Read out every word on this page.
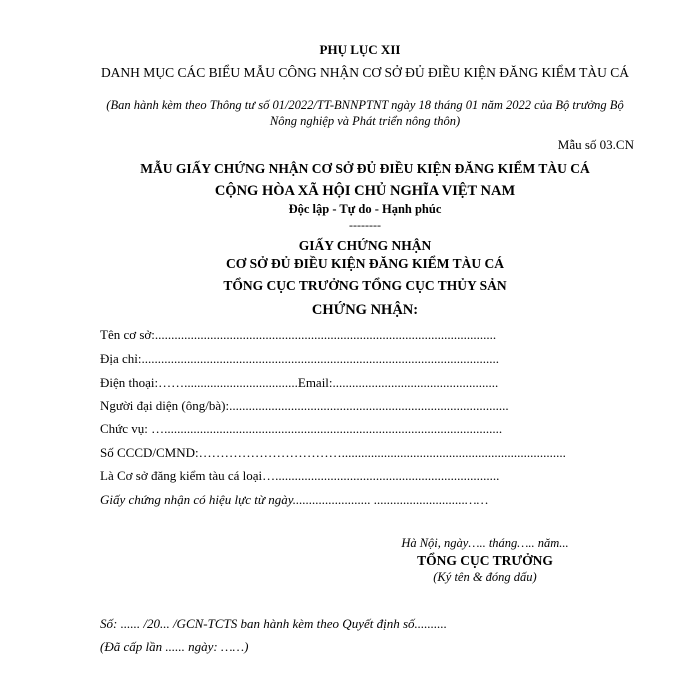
PHỤ LỤC XII
DANH MỤC CÁC BIỂU MẪU CÔNG NHẬN CƠ SỞ ĐỦ ĐIỀU KIỆN ĐĂNG KIỂM TÀU CÁ
(Ban hành kèm theo Thông tư số 01/2022/TT-BNNPTNT ngày 18 tháng 01 năm 2022 của Bộ trưởng Bộ Nông nghiệp và Phát triển nông thôn)
Mẫu số 03.CN
MẪU GIẤY CHỨNG NHẬN CƠ SỞ ĐỦ ĐIỀU KIỆN ĐĂNG KIỂM TÀU CÁ
CỘNG HÒA XÃ HỘI CHỦ NGHĨA VIỆT NAM
Độc lập - Tự do - Hạnh phúc
--------
GIẤY CHỨNG NHẬN
CƠ SỞ ĐỦ ĐIỀU KIỆN ĐĂNG KIỂM TÀU CÁ
TỔNG CỤC TRƯỞNG TỔNG CỤC THỦY SẢN
CHỨNG NHẬN:
Tên cơ sở:.........................................................................................................
Địa chỉ:..............................................................................................................
Điện thoại:……...................................Email:...................................................
Người đại diện (ông/bà):......................................................................................
Chức vụ: …........................................................................................................
Số CCCD/CMND:…………………………….....................................................................
Là Cơ sở đăng kiểm tàu cá loại….....................................................................
Giấy chứng nhận có hiệu lực từ ngày........................ ............................……
Hà Nội, ngày….. tháng….. năm...
TỔNG CỤC TRƯỞNG
(Ký tên & đóng dấu)
Số: ...... /20... /GCN-TCTS ban hành kèm theo Quyết định số..........
(Đã cấp lần ...... ngày: ……)
